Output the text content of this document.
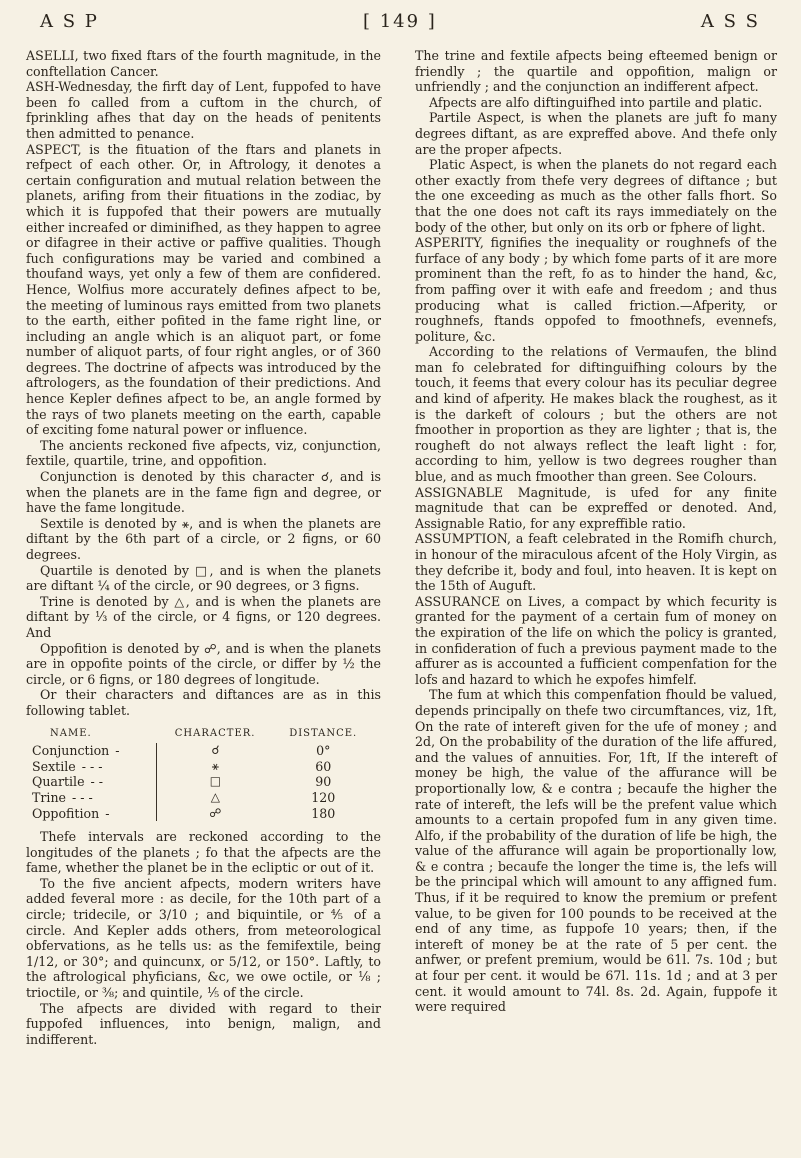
A S P	[ 149 ]	A S S

ASELLI, two fixed ftars of the fourth magnitude, in the conftellation Cancer.

ASH-Wednesday, the firft day of Lent, fuppofed to have been fo called from a cuftom in the church, of fprinkling afhes that day on the heads of penitents then admitted to penance.

ASPECT, is the fituation of the ftars and planets in refpect of each other. Or, in Aftrology, it denotes a certain configuration and mutual relation between the planets, arifing from their fituations in the zodiac, by which it is fuppofed that their powers are mutually either increafed or diminifhed, as they happen to agree or difagree in their active or paffive qualities. Though fuch configurations may be varied and combined a thoufand ways, yet only a few of them are confidered. Hence, Wolfius more accurately defines afpect to be, the meeting of luminous rays emitted from two planets to the earth, either pofited in the fame right line, or including an angle which is an aliquot part, or fome number of aliquot parts, of four right angles, or of 360 degrees. The doctrine of afpects was introduced by the aftrologers, as the foundation of their predictions. And hence Kepler defines afpect to be, an angle formed by the rays of two planets meeting on the earth, capable of exciting fome natural power or influence.

The ancients reckoned five afpects, viz, conjunction, fextile, quartile, trine, and oppofition.

Conjunction is denoted by this character ☌, and is when the planets are in the fame fign and degree, or have the fame longitude.

Sextile is denoted by ⚹, and is when the planets are diftant by the 6th part of a circle, or 2 figns, or 60 degrees.

Quartile is denoted by □, and is when the planets are diftant ¼ of the circle, or 90 degrees, or 3 figns.

Trine is denoted by △, and is when the planets are diftant by ⅓ of the circle, or 4 figns, or 120 degrees. And

Oppofition is denoted by ☍, and is when the planets are in oppofite points of the circle, or differ by ½ the circle, or 6 figns, or 180 degrees of longitude.

Or their characters and diftances are as in this following tablet.

NAME.	CHARACTER.	DISTANCE.
Conjunction -	☌	0°
Sextile - - -	⚹	60
Quartile - -	□	90
Trine - - -	△	120
Oppofition -	☍	180

Thefe intervals are reckoned according to the longitudes of the planets ; fo that the afpects are the fame, whether the planet be in the ecliptic or out of it.

To the five ancient afpects, modern writers have added feveral more : as decile, for the 10th part of a circle; tridecile, or 3/10 ; and biquintile, or ⅘ of a circle. And Kepler adds others, from meteorological obfervations, as he tells us: as the femifextile, being 1/12, or 30°; and quincunx, or 5/12, or 150°. Laftly, to the aftrological phyficians, &c, we owe octile, or ⅛ ; trioctile, or ⅜; and quintile, ⅕ of the circle.

The afpects are divided with regard to their fuppofed influences, into benign, malign, and indifferent.

The trine and fextile afpects being efteemed benign or friendly ; the quartile and oppofition, malign or unfriendly ; and the conjunction an indifferent afpect.

Afpects are alfo diftinguifhed into partile and platic.

Partile Aspect, is when the planets are juft fo many degrees diftant, as are expreffed above. And thefe only are the proper afpects.

Platic Aspect, is when the planets do not regard each other exactly from thefe very degrees of diftance ; but the one exceeding as much as the other falls fhort. So that the one does not caft its rays immediately on the body of the other, but only on its orb or fphere of light.

ASPERITY, fignifies the inequality or roughnefs of the furface of any body ; by which fome parts of it are more prominent than the reft, fo as to hinder the hand, &c, from paffing over it with eafe and freedom ; and thus producing what is called friction.—Afperity, or roughnefs, ftands oppofed to fmoothnefs, evennefs, politure, &c.

According to the relations of Vermaufen, the blind man fo celebrated for diftinguifhing colours by the touch, it feems that every colour has its peculiar degree and kind of afperity. He makes black the roughest, as it is the darkeft of colours ; but the others are not fmoother in proportion as they are lighter ; that is, the rougheft do not always reflect the leaft light : for, according to him, yellow is two degrees rougher than blue, and as much fmoother than green. See Colours.

ASSIGNABLE Magnitude, is ufed for any finite magnitude that can be expreffed or denoted. And, Assignable Ratio, for any expreffible ratio.

ASSUMPTION, a feaft celebrated in the Romifh church, in honour of the miraculous afcent of the Holy Virgin, as they defcribe it, body and foul, into heaven. It is kept on the 15th of Auguft.

ASSURANCE on Lives, a compact by which fecurity is granted for the payment of a certain fum of money on the expiration of the life on which the policy is granted, in confideration of fuch a previous payment made to the affurer as is accounted a fufficient compenfation for the lofs and hazard to which he expofes himfelf.

The fum at which this compenfation fhould be valued, depends principally on thefe two circumftances, viz, 1ft, On the rate of intereft given for the ufe of money ; and 2d, On the probability of the duration of the life affured, and the values of annuities. For, 1ft, If the intereft of money be high, the value of the affurance will be proportionally low, & e contra ; becaufe the higher the rate of intereft, the lefs will be the prefent value which amounts to a certain propofed fum in any given time. Alfo, if the probability of the duration of life be high, the value of the affurance will again be proportionally low, & e contra ; becaufe the longer the time is, the lefs will be the principal which will amount to any affigned fum. Thus, if it be required to know the premium or prefent value, to be given for 100 pounds to be received at the end of any time, as fuppofe 10 years; then, if the intereft of money be at the rate of 5 per cent. the anfwer, or prefent premium, would be 61l. 7s. 10d ; but at four per cent. it would be 67l. 11s. 1d ; and at 3 per cent. it would amount to 74l. 8s. 2d. Again, fuppofe it were required
